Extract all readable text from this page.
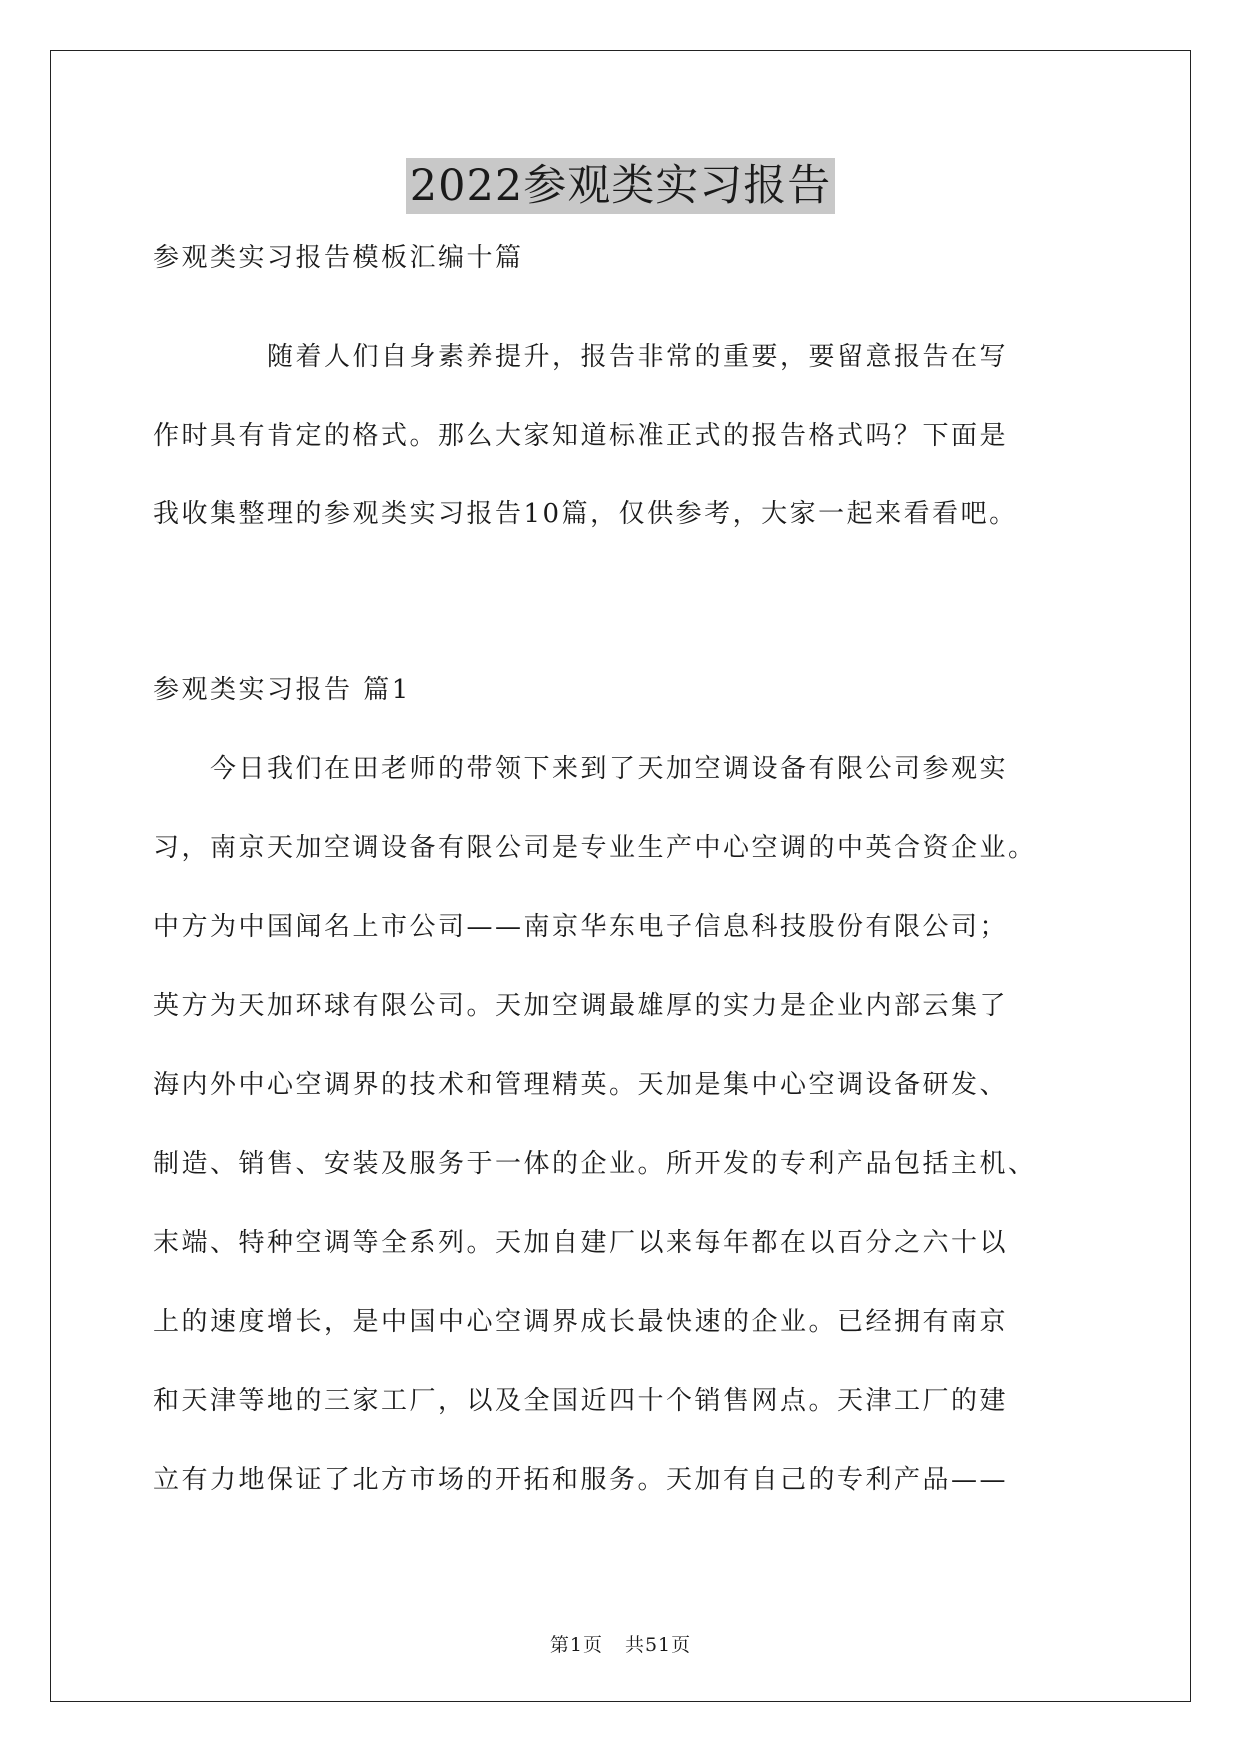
2022参观类实习报告
参观类实习报告模板汇编十篇
　　　　随着人们自身素养提升，报告非常的重要，要留意报告在写
作时具有肯定的格式。那么大家知道标准正式的报告格式吗？下面是
我收集整理的参观类实习报告10篇，仅供参考，大家一起来看看吧。
参观类实习报告 篇1
　　今日我们在田老师的带领下来到了天加空调设备有限公司参观实
习，南京天加空调设备有限公司是专业生产中心空调的中英合资企业。
中方为中国闻名上市公司——南京华东电子信息科技股份有限公司；
英方为天加环球有限公司。天加空调最雄厚的实力是企业内部云集了
海内外中心空调界的技术和管理精英。天加是集中心空调设备研发、
制造、销售、安装及服务于一体的企业。所开发的专利产品包括主机、
末端、特种空调等全系列。天加自建厂以来每年都在以百分之六十以
上的速度增长，是中国中心空调界成长最快速的企业。已经拥有南京
和天津等地的三家工厂，以及全国近四十个销售网点。天津工厂的建
立有力地保证了北方市场的开拓和服务。天加有自己的专利产品——
第1页 共51页
